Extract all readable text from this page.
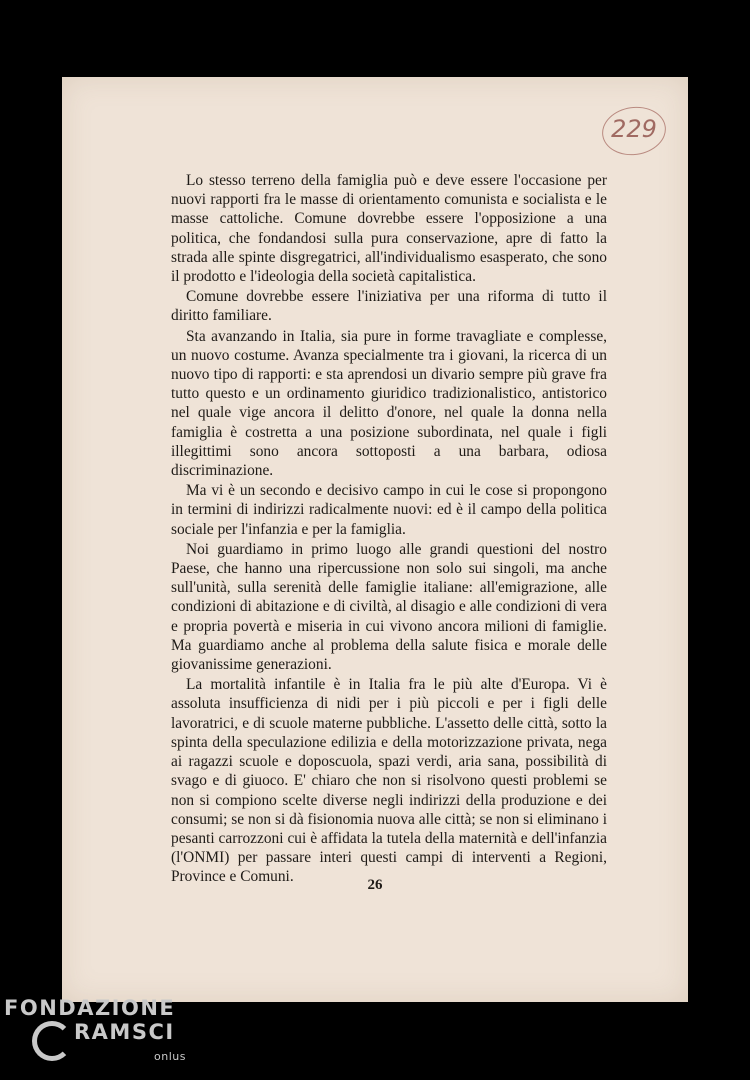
229

Lo stesso terreno della famiglia può e deve essere l'occasione per nuovi rapporti fra le masse di orientamento comunista e socialista e le masse cattoliche. Comune dovrebbe essere l'opposizione a una politica, che fondandosi sulla pura conservazione, apre di fatto la strada alle spinte disgregatrici, all'individualismo esasperato, che sono il prodotto e l'ideologia della società capitalistica.

Comune dovrebbe essere l'iniziativa per una riforma di tutto il diritto familiare.

Sta avanzando in Italia, sia pure in forme travagliate e complesse, un nuovo costume. Avanza specialmente tra i giovani, la ricerca di un nuovo tipo di rapporti: e sta aprendosi un divario sempre più grave fra tutto questo e un ordinamento giuridico tradizionalistico, antistorico nel quale vige ancora il delitto d'onore, nel quale la donna nella famiglia è costretta a una posizione subordinata, nel quale i figli illegittimi sono ancora sottoposti a una barbara, odiosa discriminazione.

Ma vi è un secondo e decisivo campo in cui le cose si propongono in termini di indirizzi radicalmente nuovi: ed è il campo della politica sociale per l'infanzia e per la famiglia.

Noi guardiamo in primo luogo alle grandi questioni del nostro Paese, che hanno una ripercussione non solo sui singoli, ma anche sull'unità, sulla serenità delle famiglie italiane: all'emigrazione, alle condizioni di abitazione e di civiltà, al disagio e alle condizioni di vera e propria povertà e miseria in cui vivono ancora milioni di famiglie. Ma guardiamo anche al problema della salute fisica e morale delle giovanissime generazioni.

La mortalità infantile è in Italia fra le più alte d'Europa. Vi è assoluta insufficienza di nidi per i più piccoli e per i figli delle lavoratrici, e di scuole materne pubbliche. L'assetto delle città, sotto la spinta della speculazione edilizia e della motorizzazione privata, nega ai ragazzi scuole e doposcuola, spazi verdi, aria sana, possibilità di svago e di giuoco. E' chiaro che non si risolvono questi problemi se non si compiono scelte diverse negli indirizzi della produzione e dei consumi; se non si dà fisionomia nuova alle città; se non si eliminano i pesanti carrozzoni cui è affidata la tutela della maternità e dell'infanzia (l'ONMI) per passare interi questi campi di interventi a Regioni, Province e Comuni.	26
FONDAZIONE
RAMSCI
onlus
